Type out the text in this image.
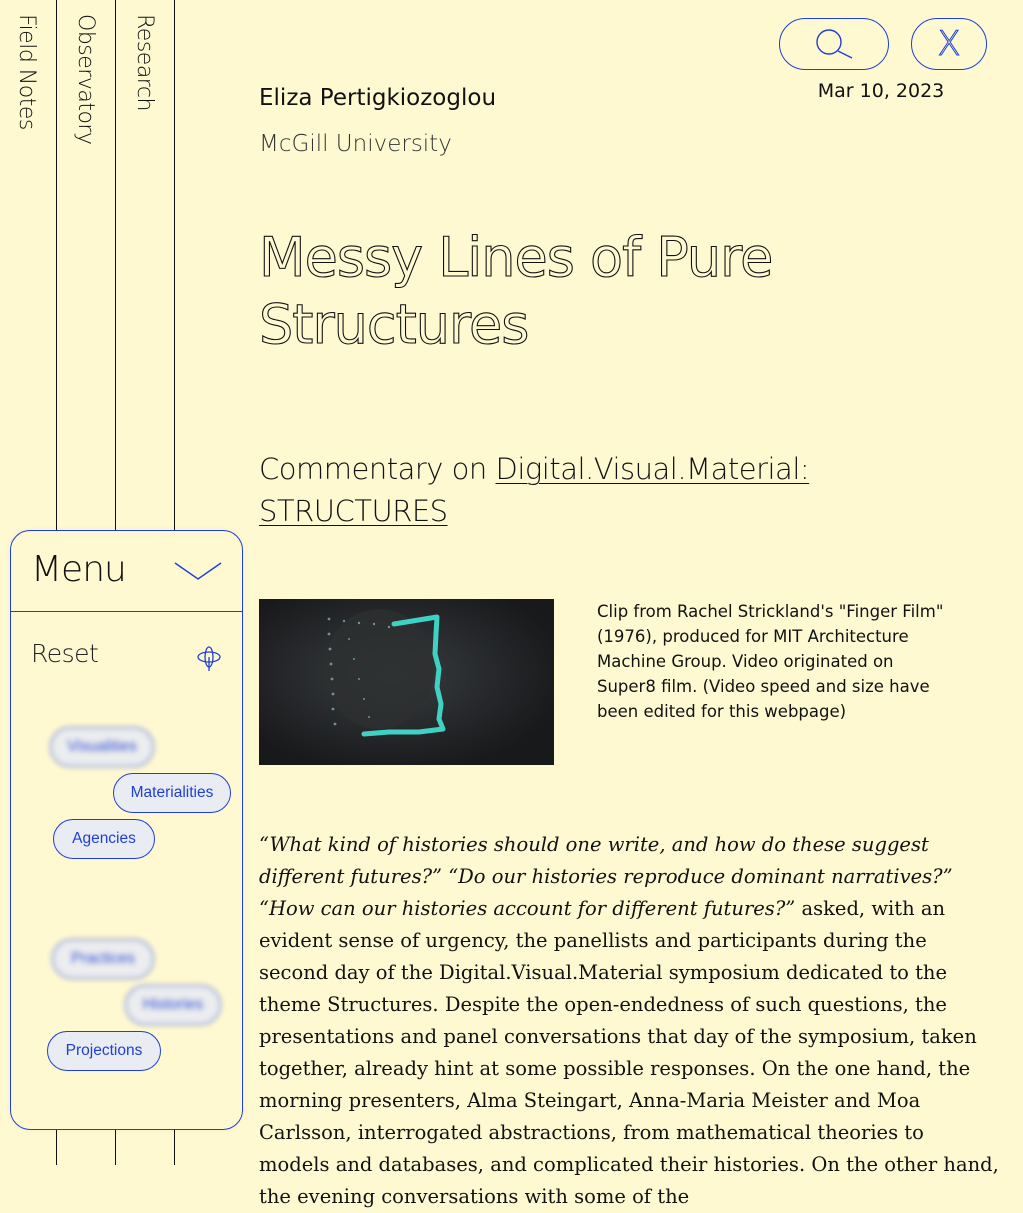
Field Notes Observatory Research	X
Mar 10, 2023
Eliza Pertigkiozoglou
McGill University
Messy Lines of Pure Structures
Commentary on Digital.Visual.Material:
STRUCTURES
Clip from Rachel Strickland's "Finger Film" (1976), produced for MIT Architecture Machine Group. Video originated on Super8 film. (Video speed and size have been edited for this webpage)

“What kind of histories should one write, and how do these suggest different futures?” “Do our histories reproduce dominant narratives?” “How can our histories account for different futures?” asked, with an evident sense of urgency, the panellists and participants during the second day of the Digital.Visual.Material symposium dedicated to the theme Structures. Despite the open-endedness of such questions, the presentations and panel conversations that day of the symposium, taken together, already hint at some possible responses. On the one hand, the morning presenters, Alma Steingart, Anna-Maria Meister and Moa Carlsson, interrogated abstractions, from mathematical theories to models and databases, and complicated their histories. On the other hand, the evening conversations with some of the

Menu
Reset
Visualities
Materialities
Agencies
Practices
Histories
Projections
